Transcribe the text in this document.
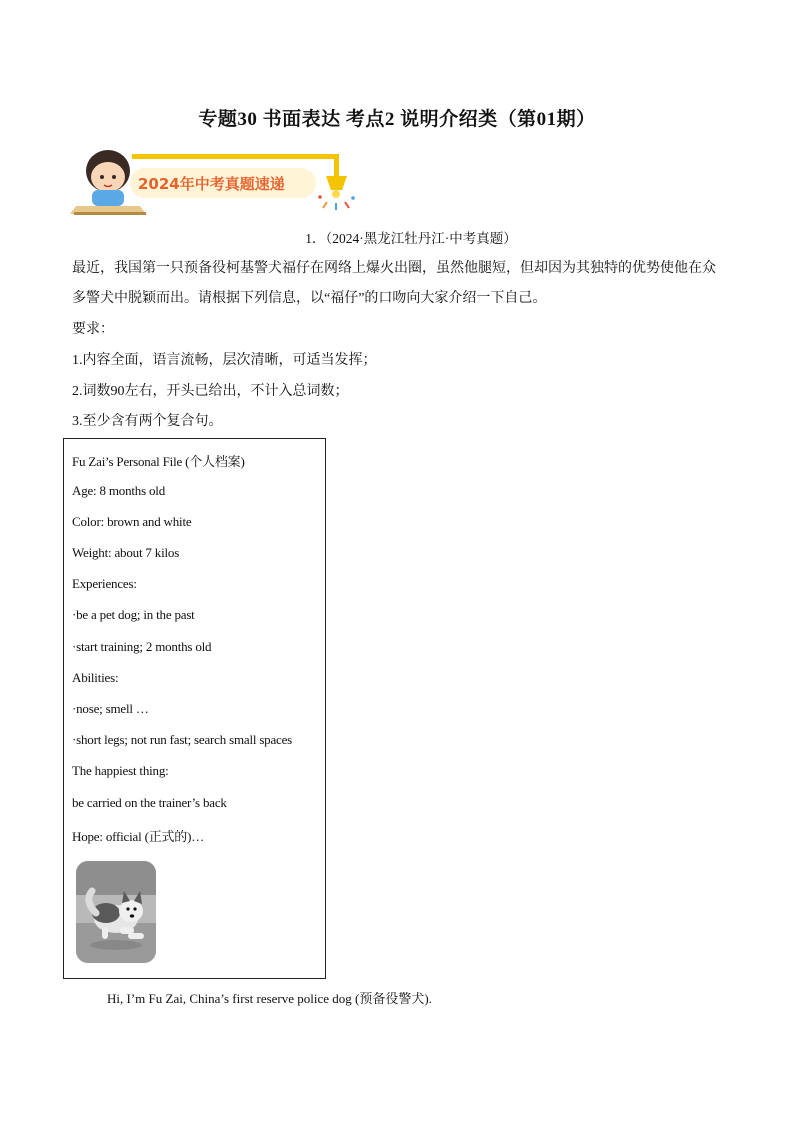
专题30 书面表达 考点2 说明介绍类（第01期）
2024年中考真题速递
1．（2024·黑龙江牡丹江·中考真题）
最近，我国第一只预备役柯基警犬福仔在网络上爆火出圈，虽然他腿短，但却因为其独特的优势使他在众
多警犬中脱颖而出。请根据下列信息，以“福仔”的口吻向大家介绍一下自己。
要求：
1.内容全面，语言流畅，层次清晰，可适当发挥；
2.词数90左右，开头已给出，不计入总词数；
3.至少含有两个复合句。
Fu Zai’s Personal File (个人档案)
Age: 8 months old
Color: brown and white
Weight: about 7 kilos
Experiences:
·be a pet dog; in the past
·start training; 2 months old
Abilities:
·nose; smell …
·short legs; not run fast; search small spaces
The happiest thing:
be carried on the trainer’s back
Hope: official (正式的)…
Hi, I’m Fu Zai, China’s first reserve police dog (预备役警犬).
